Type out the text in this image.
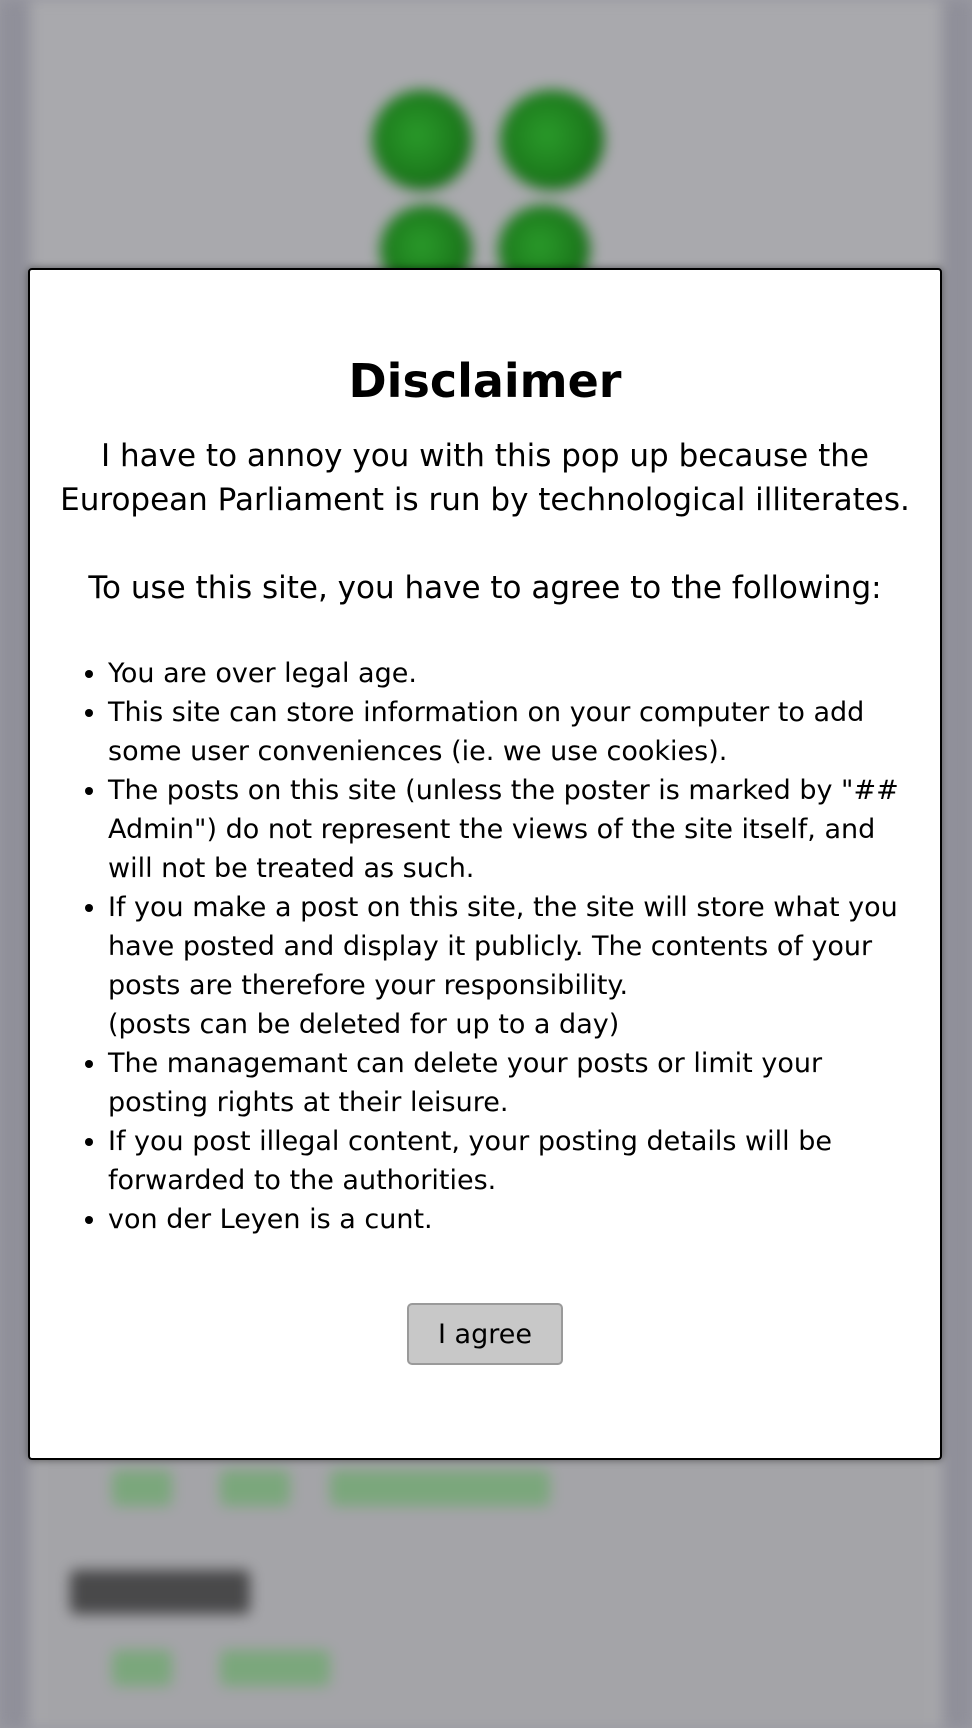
Disclaimer

I have to annoy you with this pop up because the European Parliament is run by technological illiterates.

To use this site, you have to agree to the following:

• You are over legal age.
• This site can store information on your computer to add some user conveniences (ie. we use cookies).
• The posts on this site (unless the poster is marked by "## Admin") do not represent the views of the site itself, and will not be treated as such.
• If you make a post on this site, the site will store what you have posted and display it publicly. The contents of your posts are therefore your responsibility.
(posts can be deleted for up to a day)
• The managemant can delete your posts or limit your posting rights at their leisure.
• If you post illegal content, your posting details will be forwarded to the authorities.
• von der Leyen is a cunt.
I agree
